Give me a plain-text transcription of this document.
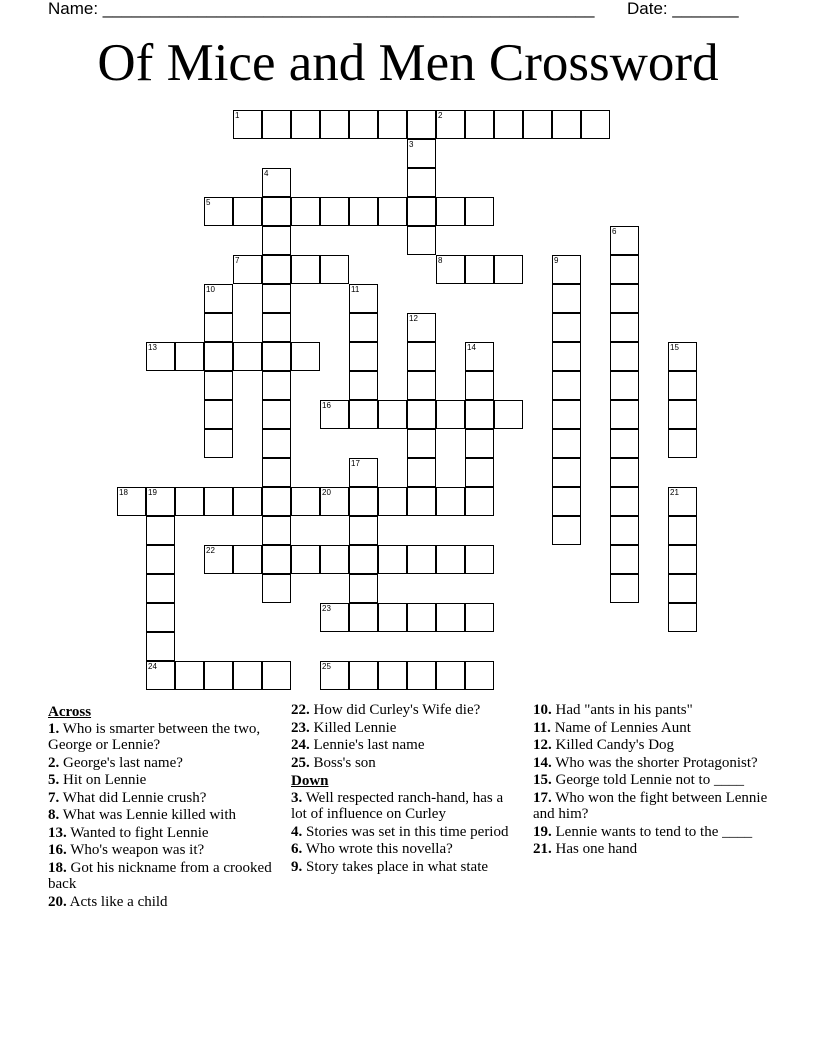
Name: ____________________________________________________ Date: _______
Of Mice and Men Crossword
1	2
3
4
5
6
7	8	9
10	11
12
13	14	15
16
17
18	19
24
20	21
22
23
25
Across
1. Who is smarter between the two, George or Lennie?
2. George's last name?
5. Hit on Lennie
7. What did Lennie crush?
8. What was Lennie killed with
13. Wanted to fight Lennie
16. Who's weapon was it?
18. Got his nickname from a crooked back
20. Acts like a child
22. How did Curley's Wife die?
23. Killed Lennie
24. Lennie's last name
25. Boss's son
Down
3. Well respected ranch-hand, has a lot of influence on Curley
4. Stories was set in this time period
6. Who wrote this novella?
9. Story takes place in what state
10. Had "ants in his pants"
11. Name of Lennies Aunt
12. Killed Candy's Dog
14. Who was the shorter Protagonist?
15. George told Lennie not to ____
17. Who won the fight between Lennie and him?
19. Lennie wants to tend to the ____
21. Has one hand
